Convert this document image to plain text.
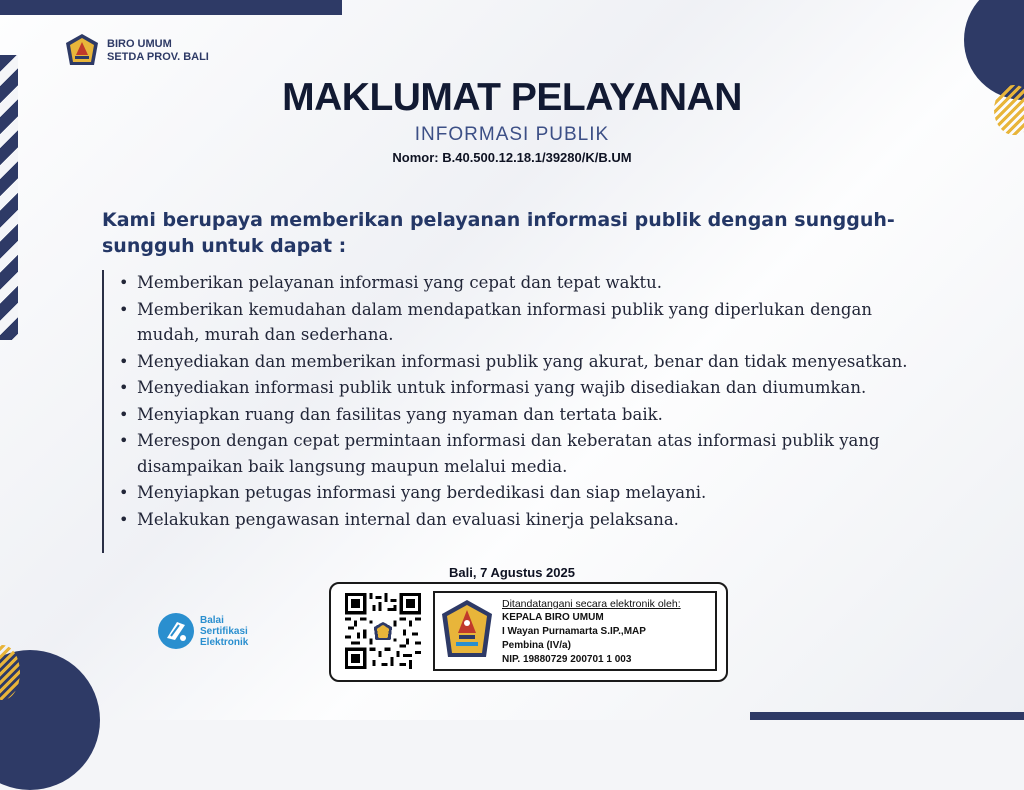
BIRO UMUM
SETDA PROV. BALI
MAKLUMAT PELAYANAN
INFORMASI PUBLIK
Nomor: B.40.500.12.18.1/39280/K/B.UM
Kami berupaya memberikan pelayanan informasi publik dengan sungguh-sungguh untuk dapat :
• Memberikan pelayanan informasi yang cepat dan tepat waktu.
• Memberikan kemudahan dalam mendapatkan informasi publik yang diperlukan dengan mudah, murah dan sederhana.
• Menyediakan dan memberikan informasi publik yang akurat, benar dan tidak menyesatkan.
• Menyediakan informasi publik untuk informasi yang wajib disediakan dan diumumkan.
• Menyiapkan ruang dan fasilitas yang nyaman dan tertata baik.
• Merespon dengan cepat permintaan informasi dan keberatan atas informasi publik yang disampaikan baik langsung maupun melalui media.
• Menyiapkan petugas informasi yang berdedikasi dan siap melayani.
• Melakukan pengawasan internal dan evaluasi kinerja pelaksana.
Bali, 7 Agustus 2025
Ditandatangani secara elektronik oleh:
KEPALA BIRO UMUM
I Wayan Purnamarta S.IP.,MAP
Pembina (IV/a)
NIP. 19880729 200701 1 003
Balai
Sertifikasi
Elektronik
